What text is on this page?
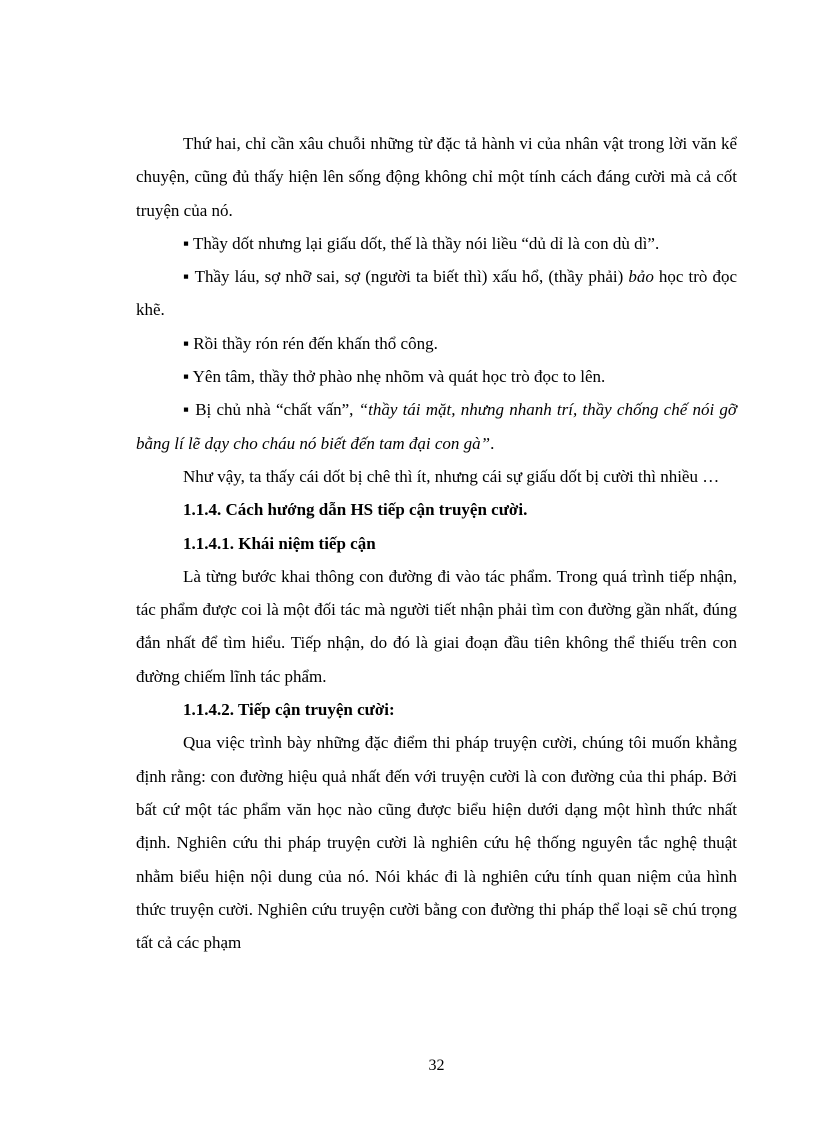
Thứ hai, chỉ cần xâu chuỗi những từ đặc tả hành vi của nhân vật trong lời văn kể chuyện, cũng đủ thấy hiện lên sống động không chỉ một tính cách đáng cười mà cả cốt truyện của nó.

▪ Thầy dốt nhưng lại giấu dốt, thế là thầy nói liều “dủ dỉ là con dù dì”.

▪ Thầy láu, sợ nhỡ sai, sợ (người ta biết thì) xấu hổ, (thầy phải) bảo học trò đọc khẽ.

▪ Rồi thầy rón rén đến khấn thổ công.

▪ Yên tâm, thầy thở phào nhẹ nhõm và quát học trò đọc to lên.

▪ Bị chủ nhà “chất vấn”, “thầy tái mặt, nhưng nhanh trí, thầy chống chế nói gỡ bằng lí lẽ dạy cho cháu nó biết đến tam đại con gà”.

Như vậy, ta thấy cái dốt bị chê thì ít, nhưng cái sự giấu dốt bị cười thì nhiều …

1.1.4. Cách hướng dẫn HS tiếp cận truyện cười.

1.1.4.1. Khái niệm tiếp cận

Là từng bước khai thông con đường đi vào tác phẩm. Trong quá trình tiếp nhận, tác phẩm được coi là một đối tác mà người tiết nhận phải tìm con đường gần nhất, đúng đắn nhất để tìm hiểu. Tiếp nhận, do đó là giai đoạn đầu tiên không thể thiếu trên con đường chiếm lĩnh tác phẩm.

1.1.4.2. Tiếp cận truyện cười:

Qua việc trình bày những đặc điểm thi pháp truyện cười, chúng tôi muốn khẳng định rằng: con đường hiệu quả nhất đến với truyện cười là con đường của thi pháp. Bởi bất cứ một tác phẩm văn học nào cũng được biểu hiện dưới dạng một hình thức nhất định. Nghiên cứu thi pháp truyện cười là nghiên cứu hệ thống nguyên tắc nghệ thuật nhằm biểu hiện nội dung của nó. Nói khác đi là nghiên cứu tính quan niệm của hình thức truyện cười. Nghiên cứu truyện cười bằng con đường thi pháp thể loại sẽ chú trọng tất cả các phạm

32
